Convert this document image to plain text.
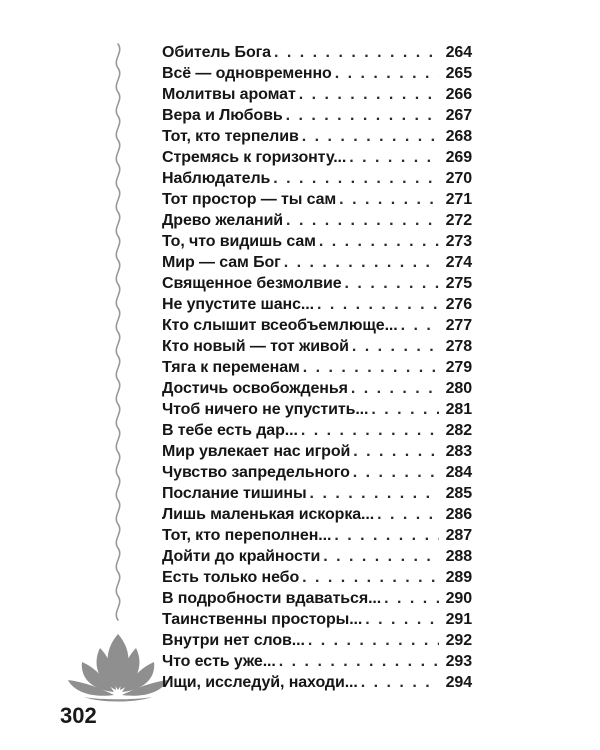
Обитель Бога . . .	264
Всё — одновременно . . .	265
Молитвы аромат . . .	266
Вера и Любовь . . .	267
Тот, кто терпелив . . .	268
Стремясь к горизонту... . . .	269
Наблюдатель . . .	270
Тот простор — ты сам . . .	271
Древо желаний . . .	272
То, что видишь сам . . .	273
Мир — сам Бог . . .	274
Священное безмолвие . . .	275
Не упустите шанс... . . .	276
Кто слышит всеобъемлюще... . . .	277
Кто новый — тот живой . . .	278
Тяга к переменам . . .	279
Достичь освобожденья . . .	280
Чтоб ничего не упустить... . . .	281
В тебе есть дар... . . .	282
Мир увлекает нас игрой . . .	283
Чувство запредельного . . .	284
Послание тишины . . .	285
Лишь маленькая искорка... . . .	286
Тот, кто переполнен... . . .	287
Дойти до крайности . . .	288
Есть только небо . . .	289
В подробности вдаваться... . . .	290
Таинственны просторы... . . .	291
Внутри нет слов... . . .	292
Что есть уже... . . .	293
Ищи, исследуй, находи... . . .	294
302
